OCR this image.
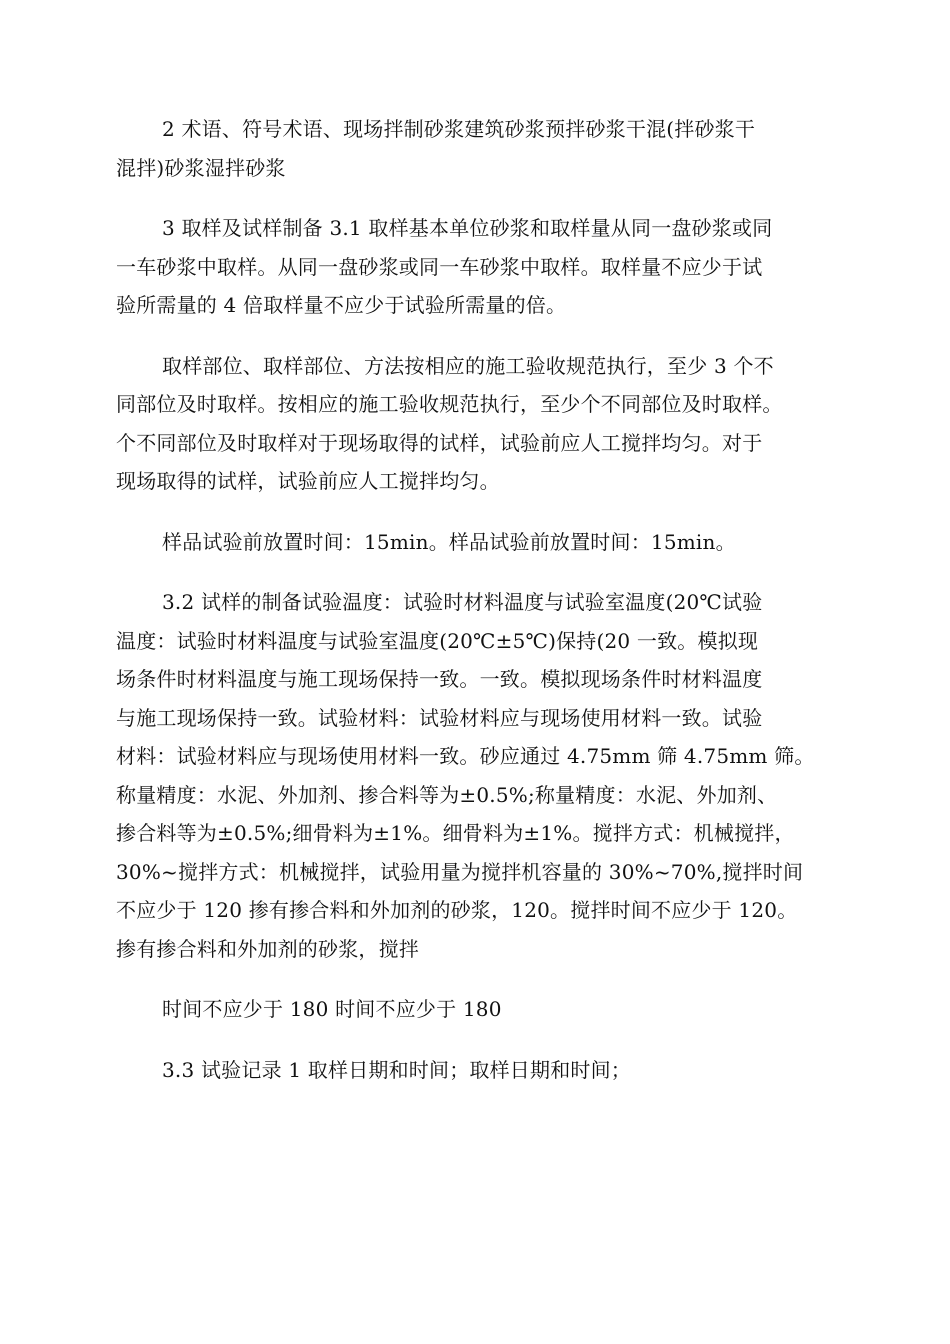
2 术语、符号术语、现场拌制砂浆建筑砂浆预拌砂浆干混(拌砂浆干
混拌)砂浆湿拌砂浆

3 取样及试样制备 3.1 取样基本单位砂浆和取样量从同一盘砂浆或同
一车砂浆中取样。从同一盘砂浆或同一车砂浆中取样。取样量不应少于试
验所需量的 4 倍取样量不应少于试验所需量的倍。

取样部位、取样部位、方法按相应的施工验收规范执行，至少 3 个不
同部位及时取样。按相应的施工验收规范执行，至少个不同部位及时取样。
个不同部位及时取样对于现场取得的试样，试验前应人工搅拌均匀。对于
现场取得的试样，试验前应人工搅拌均匀。

样品试验前放置时间：15min。样品试验前放置时间：15min。

3.2 试样的制备试验温度：试验时材料温度与试验室温度(20℃试验
温度：试验时材料温度与试验室温度(20℃±5℃)保持(20 一致。模拟现
场条件时材料温度与施工现场保持一致。一致。模拟现场条件时材料温度
与施工现场保持一致。试验材料：试验材料应与现场使用材料一致。试验
材料：试验材料应与现场使用材料一致。砂应通过 4.75mm 筛 4.75mm 筛。
称量精度：水泥、外加剂、掺合料等为±0.5%;称量精度：水泥、外加剂、
掺合料等为±0.5%;细骨料为±1%。细骨料为±1%。搅拌方式：机械搅拌，
30%~搅拌方式：机械搅拌，试验用量为搅拌机容量的 30%~70%,搅拌时间
不应少于 120 掺有掺合料和外加剂的砂浆，120。搅拌时间不应少于 120。
掺有掺合料和外加剂的砂浆，搅拌

时间不应少于 180 时间不应少于 180

3.3 试验记录 1 取样日期和时间；取样日期和时间；
